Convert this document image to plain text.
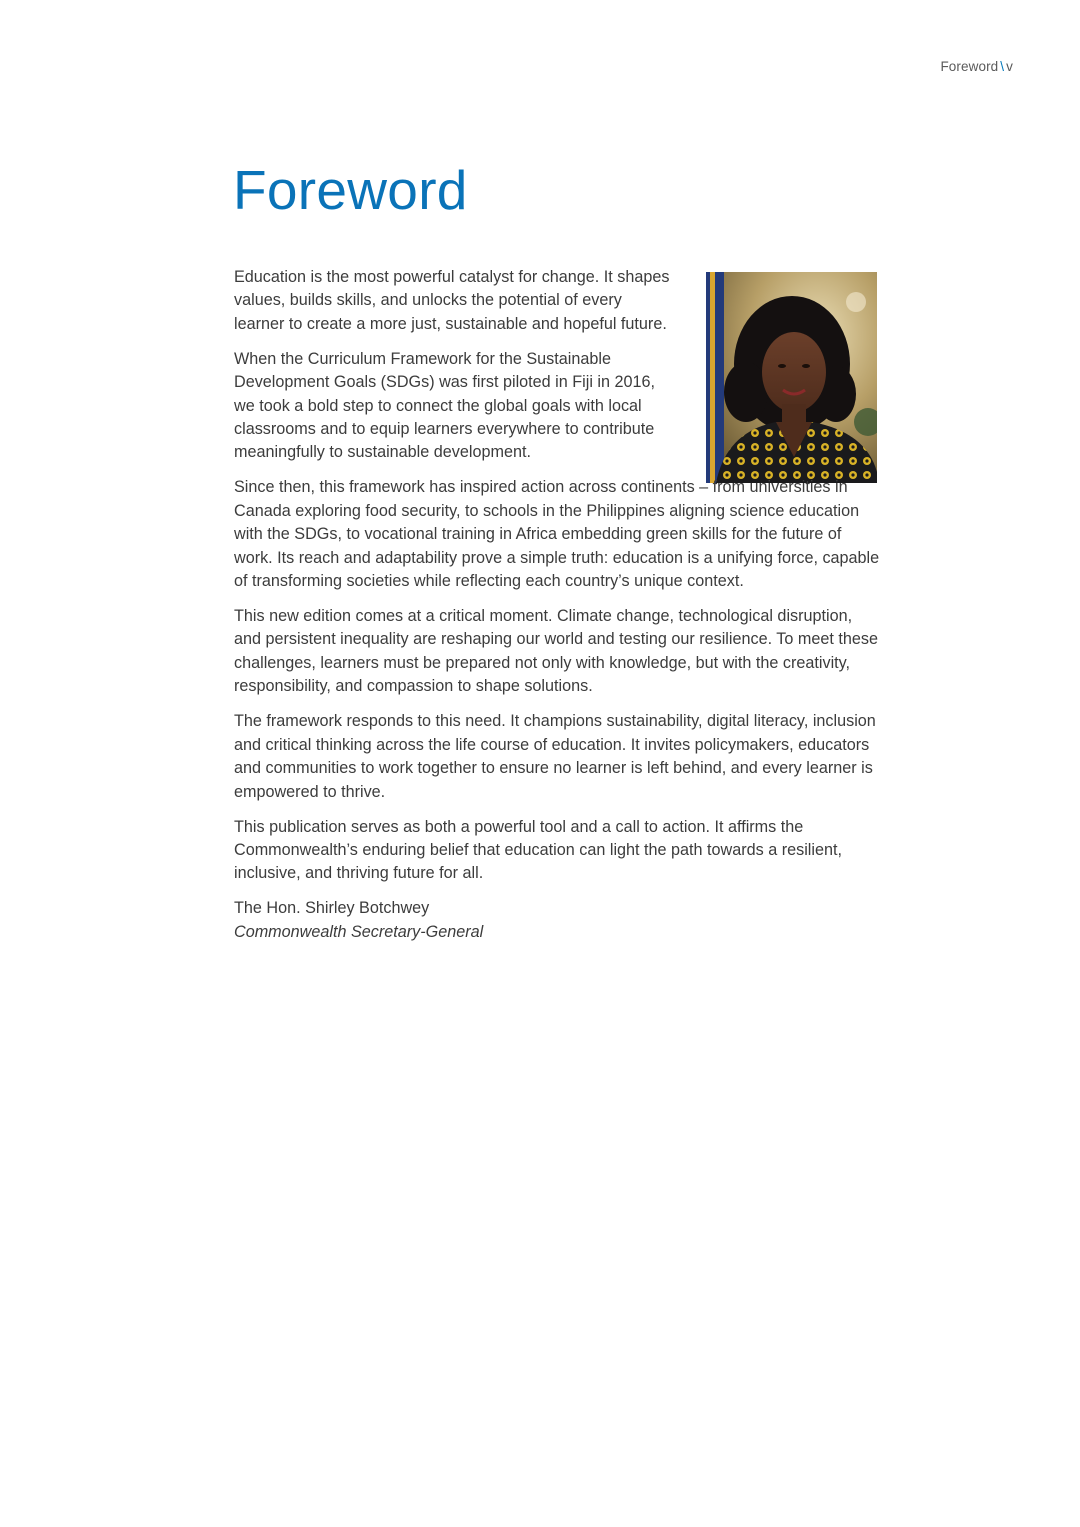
Foreword \ v
Foreword

Education is the most powerful catalyst for change. It shapes values, builds skills, and unlocks the potential of every learner to create a more just, sustainable and hopeful future.

When the Curriculum Framework for the Sustainable Development Goals (SDGs) was first piloted in Fiji in 2016, we took a bold step to connect the global goals with local classrooms and to equip learners everywhere to contribute meaningfully to sustainable development.

Since then, this framework has inspired action across continents – from universities in Canada exploring food security, to schools in the Philippines aligning science education with the SDGs, to vocational training in Africa embedding green skills for the future of work. Its reach and adaptability prove a simple truth: education is a unifying force, capable of transforming societies while reflecting each country’s unique context.

This new edition comes at a critical moment. Climate change, technological disruption, and persistent inequality are reshaping our world and testing our resilience. To meet these challenges, learners must be prepared not only with knowledge, but with the creativity, responsibility, and compassion to shape solutions.

The framework responds to this need. It champions sustainability, digital literacy, inclusion and critical thinking across the life course of education. It invites policymakers, educators and communities to work together to ensure no learner is left behind, and every learner is empowered to thrive.

This publication serves as both a powerful tool and a call to action. It affirms the Commonwealth’s enduring belief that education can light the path towards a resilient, inclusive, and thriving future for all.

The Hon. Shirley Botchwey

Commonwealth Secretary-General
